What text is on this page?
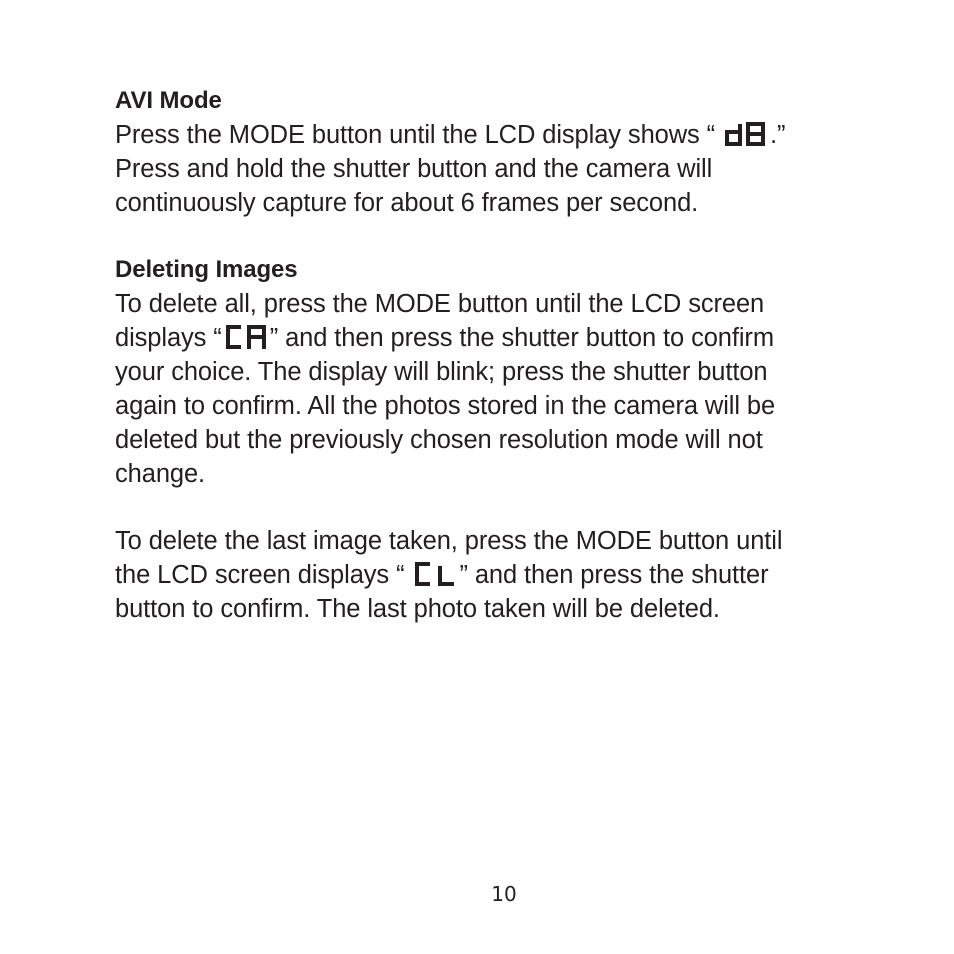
AVI Mode
Press the MODE button until the LCD display shows “
.”
Press and hold the shutter button and the camera will
continuously capture for about 6 frames per second.
Deleting Images
To delete all, press the MODE button until the LCD screen
displays “ ” and then press the shutter button to confirm
your choice. The display will blink; press the shutter button
again to confirm. All the photos stored in the camera will be
deleted but the previously chosen resolution mode will not
change.
To delete the last image taken, press the MODE button until
the LCD screen displays “
” and then press the shutter
button to confirm. The last photo taken will be deleted.
10
